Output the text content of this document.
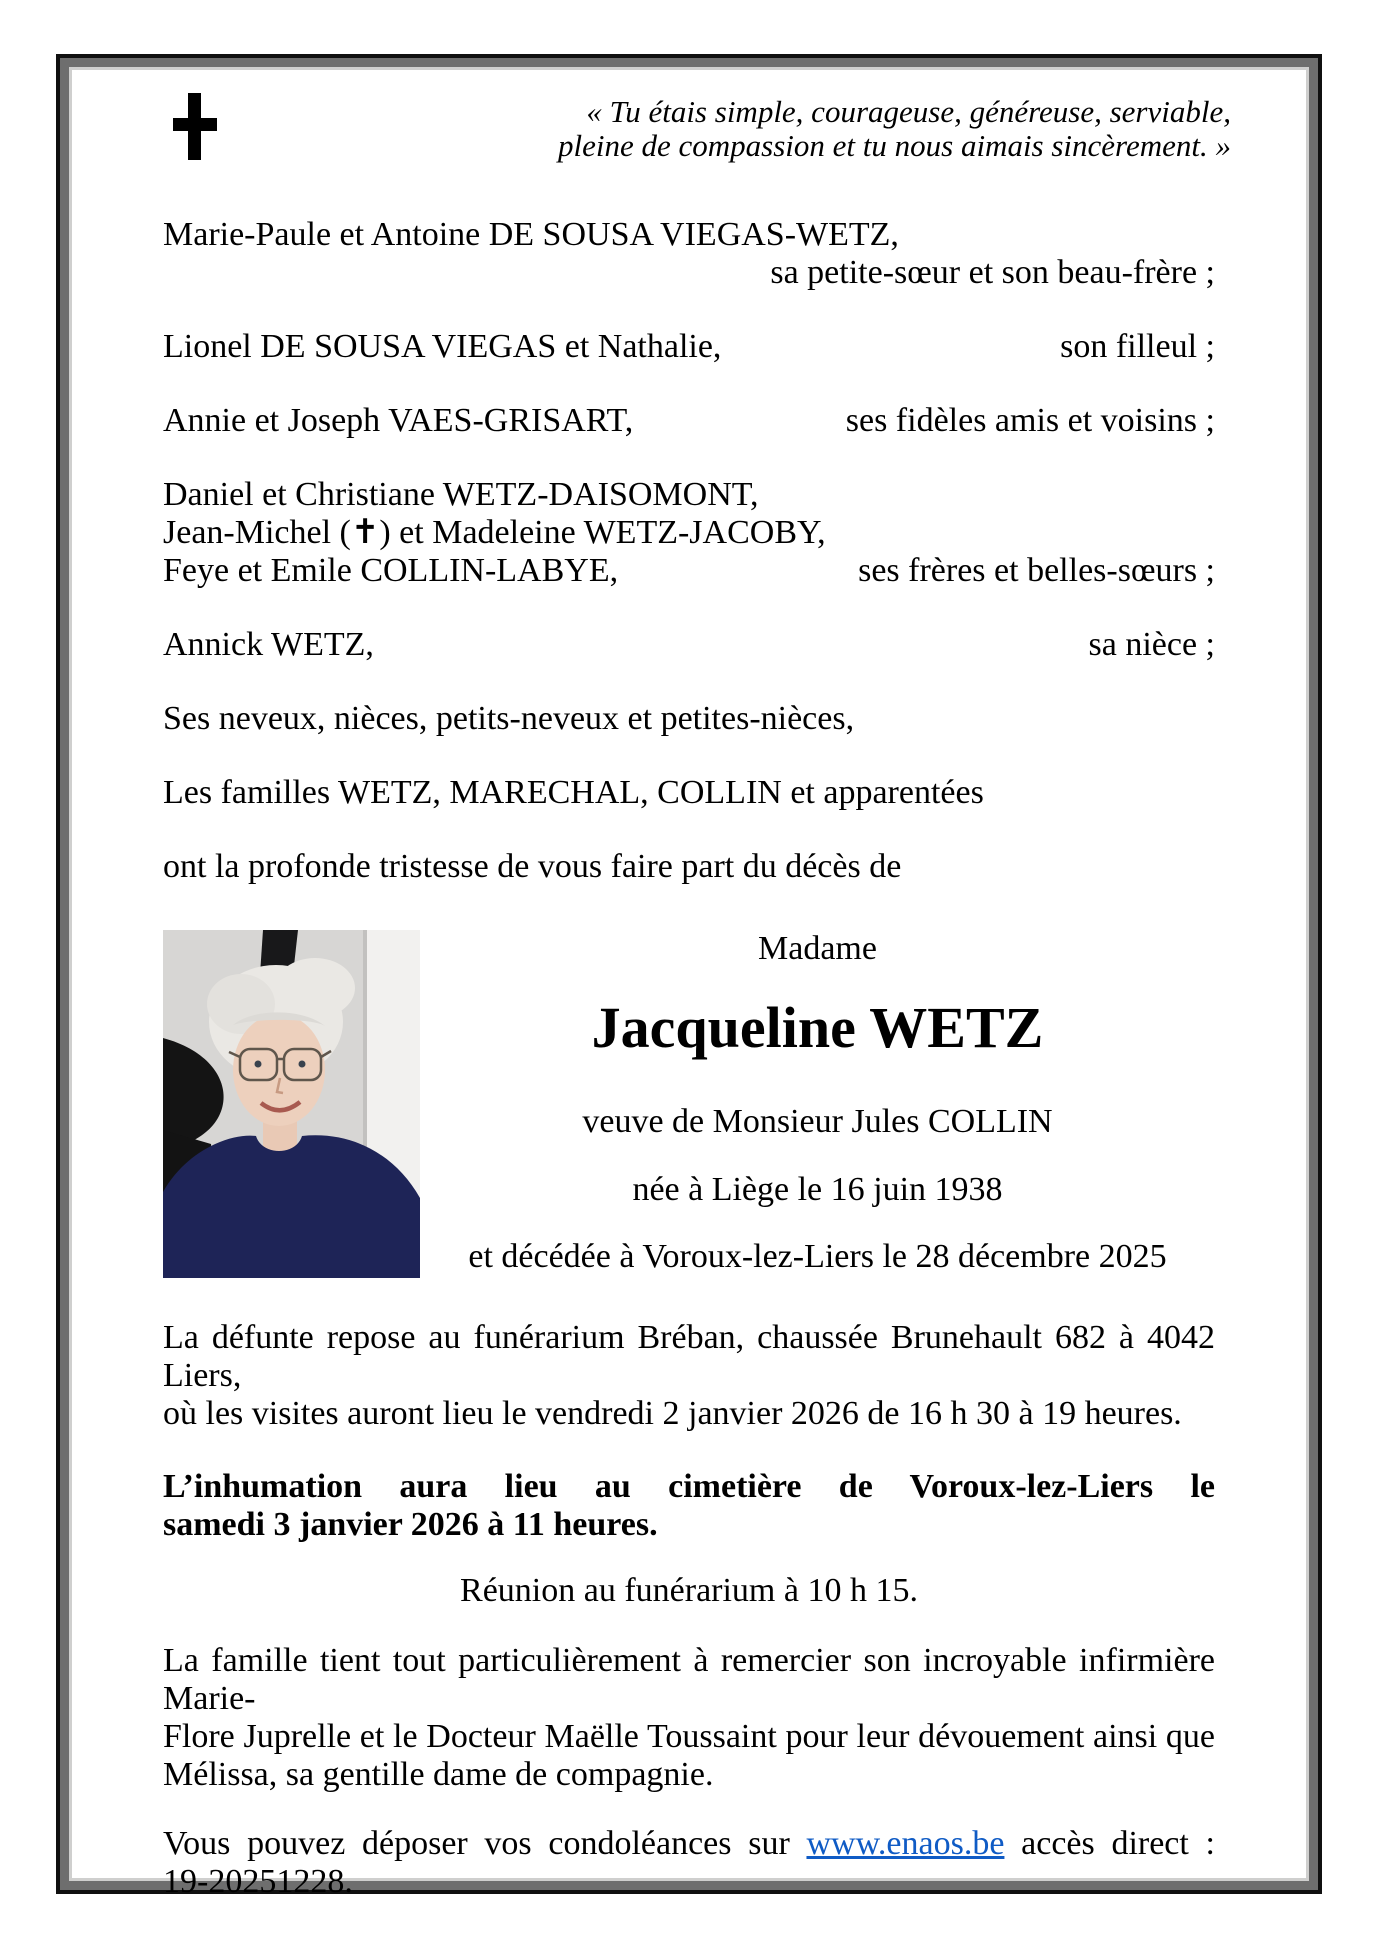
« Tu étais simple, courageuse, généreuse, serviable,
pleine de compassion et tu nous aimais sincèrement. »
Marie-Paule et Antoine DE SOUSA VIEGAS-WETZ,
sa petite-sœur et son beau-frère ;
Lionel DE SOUSA VIEGAS et Nathalie,	son filleul ;
Annie et Joseph VAES-GRISART,	ses fidèles amis et voisins ;
Daniel et Christiane WETZ-DAISOMONT,
Jean-Michel (✝) et Madeleine WETZ-JACOBY,
Feye et Emile COLLIN-LABYE,	ses frères et belles-sœurs ;
Annick WETZ,	sa nièce ;
Ses neveux, nièces, petits-neveux et petites-nièces,
Les familles WETZ, MARECHAL, COLLIN et apparentées
ont la profonde tristesse de vous faire part du décès de
Madame
Jacqueline WETZ
veuve de Monsieur Jules COLLIN
née à Liège le 16 juin 1938
et décédée à Voroux-lez-Liers le 28 décembre 2025
La défunte repose au funérarium Bréban, chaussée Brunehault 682 à 4042 Liers,
où les visites auront lieu le vendredi 2 janvier 2026 de 16 h 30 à 19 heures.
L’inhumation aura lieu au cimetière de Voroux-lez-Liers le
samedi 3 janvier 2026 à 11 heures.
Réunion au funérarium à 10 h 15.
La famille tient tout particulièrement à remercier son incroyable infirmière Marie-
Flore Juprelle et le Docteur Maëlle Toussaint pour leur dévouement ainsi que
Mélissa, sa gentille dame de compagnie.
Vous pouvez déposer vos condoléances sur www.enaos.be accès direct :
19-20251228.
